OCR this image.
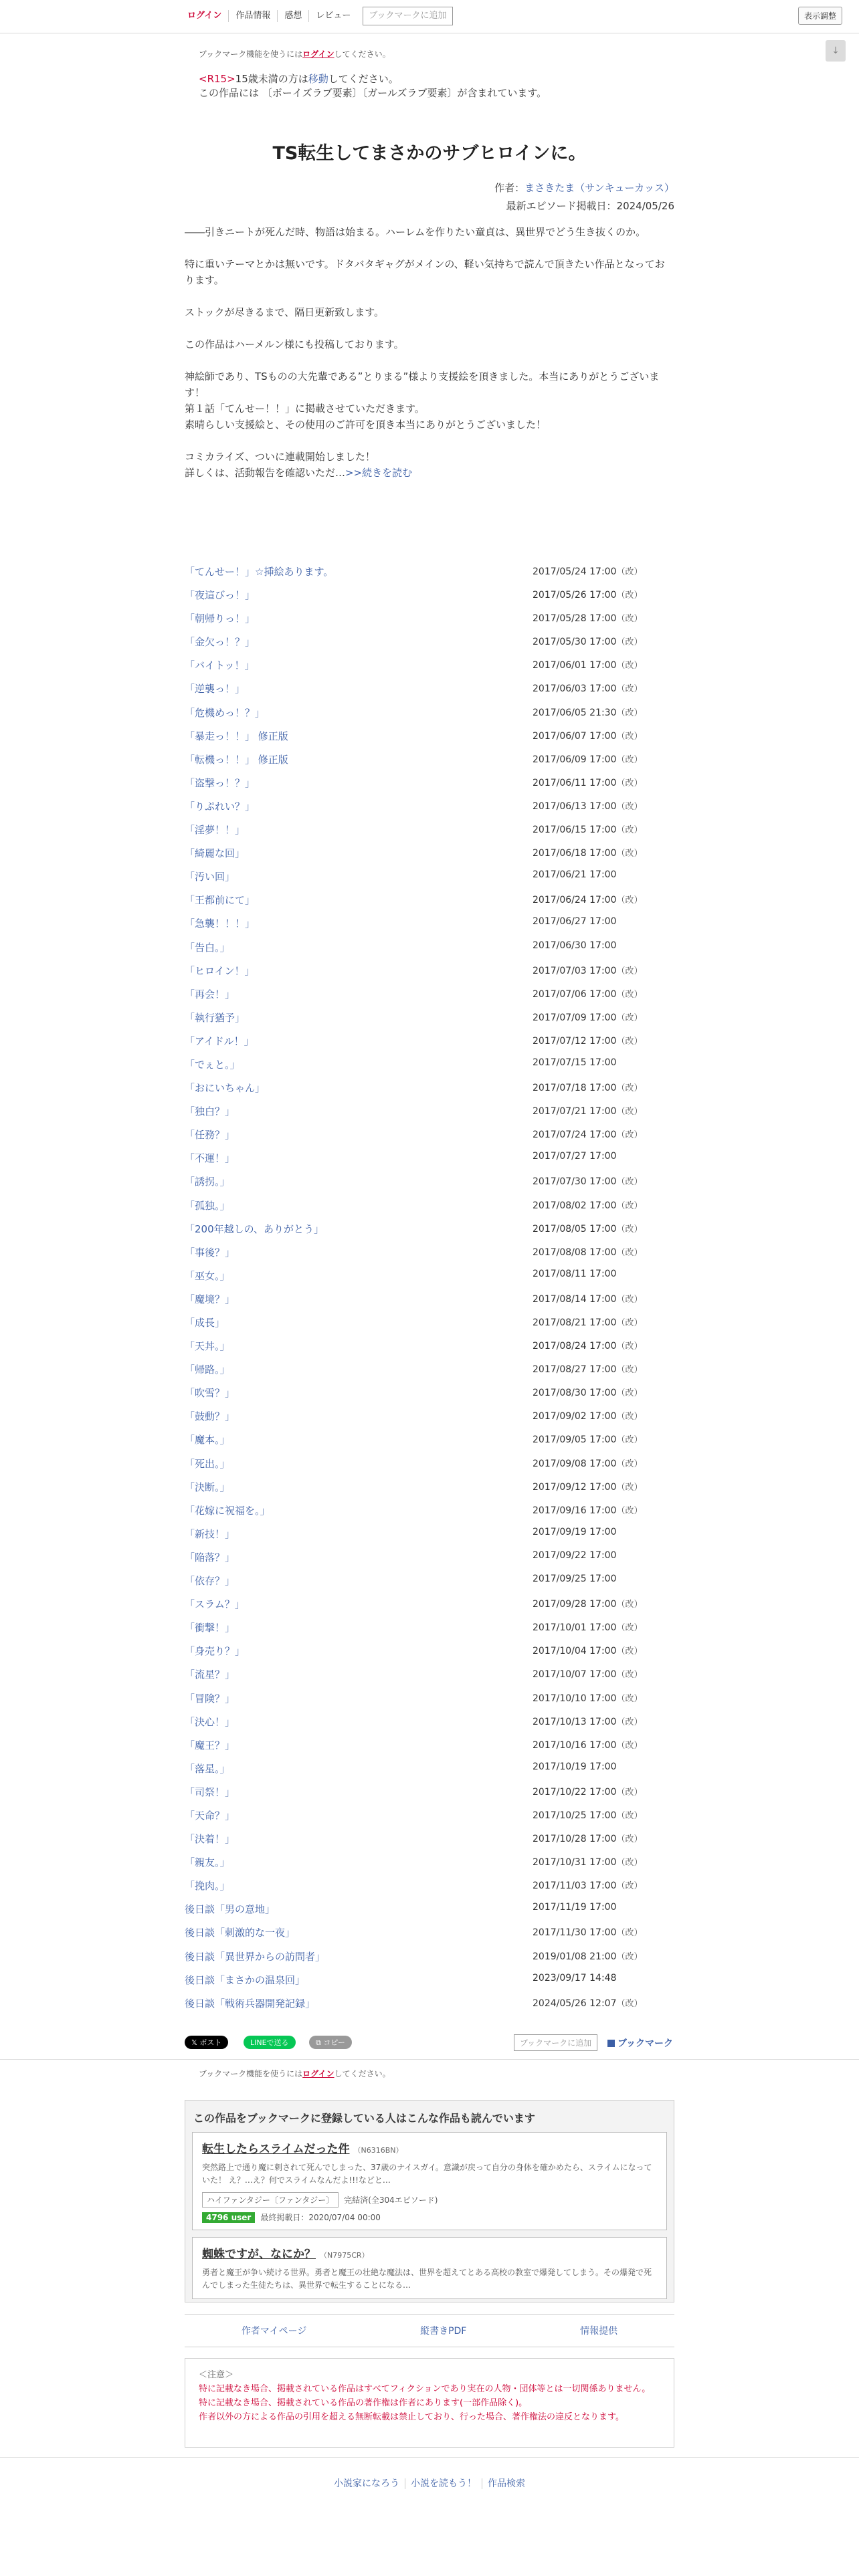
ログイン	作品情報	感想	レビュー	ブックマークに追加	表示調整
↓
ブックマーク機能を使うにはログインしてください。
<R15>15歳未満の方は移動してください。
この作品には 〔ボーイズラブ要素〕〔ガールズラブ要素〕が含まれています。
TS転生してまさかのサブヒロインに。
作者：まさきたま（サンキューカッス）
最新エピソード掲載日：2024/05/26

――引きニートが死んだ時、物語は始まる。ハーレムを作りたい童貞は、異世界でどう生き抜くのか。

特に重いテーマとかは無いです。ドタバタギャグがメインの、軽い気持ちで読んで頂きたい作品となっております。

ストックが尽きるまで、隔日更新致します。

この作品はハーメルン様にも投稿しております。

神絵師であり、TSものの大先輩である”とりまる”様より支援絵を頂きました。本当にありがとうございます！

第１話「てんせー！！」に掲載させていただきます。

素晴らしい支援絵と、その使用のご許可を頂き本当にありがとうございました！

コミカライズ、ついに連載開始しました！

詳しくは、活動報告を確認いただ…>>続きを読む

「てんせー！」☆挿絵あります。	2017/05/24 17:00（改）
「夜這びっ！」	2017/05/26 17:00（改）
「朝帰りっ！」	2017/05/28 17:00（改）
「金欠っ！？」	2017/05/30 17:00（改）
「バイトッ！」	2017/06/01 17:00（改）
「逆襲っ！」	2017/06/03 17:00（改）
「危機めっ！？」	2017/06/05 21:30（改）
「暴走っ！！」 修正版	2017/06/07 17:00（改）
「転機っ！！」 修正版	2017/06/09 17:00（改）
「盗撃っ！？」	2017/06/11 17:00（改）
「りぷれい？」	2017/06/13 17:00（改）
「淫夢！！」	2017/06/15 17:00（改）
「綺麗な回」	2017/06/18 17:00（改）
「汚い回」	2017/06/21 17:00
「王都前にて」	2017/06/24 17:00（改）
「急襲！！！」	2017/06/27 17:00
「告白。」	2017/06/30 17:00
「ヒロイン！」	2017/07/03 17:00（改）
「再会！」	2017/07/06 17:00（改）
「執行猶予」	2017/07/09 17:00（改）
「アイドル！」	2017/07/12 17:00（改）
「でぇと。」	2017/07/15 17:00
「おにいちゃん」	2017/07/18 17:00（改）
「独白？」	2017/07/21 17:00（改）
「任務？」	2017/07/24 17:00（改）
「不運！」	2017/07/27 17:00
「誘拐。」	2017/07/30 17:00（改）
「孤独。」	2017/08/02 17:00（改）
「200年越しの、ありがとう」	2017/08/05 17:00（改）
「事後？」	2017/08/08 17:00（改）
「巫女。」	2017/08/11 17:00
「魔境？」	2017/08/14 17:00（改）
「成長」	2017/08/21 17:00（改）
「天丼。」	2017/08/24 17:00（改）
「帰路。」	2017/08/27 17:00（改）
「吹雪？」	2017/08/30 17:00（改）
「鼓動？」	2017/09/02 17:00（改）
「魔本。」	2017/09/05 17:00（改）
「死出。」	2017/09/08 17:00（改）
「決断。」	2017/09/12 17:00（改）
「花嫁に祝福を。」	2017/09/16 17:00（改）
「新技！」	2017/09/19 17:00
「陥落？」	2017/09/22 17:00
「依存？」	2017/09/25 17:00
「スラム？」	2017/09/28 17:00（改）
「衝撃！」	2017/10/01 17:00（改）
「身売り？」	2017/10/04 17:00（改）
「流星？」	2017/10/07 17:00（改）
「冒険？」	2017/10/10 17:00（改）
「決心！」	2017/10/13 17:00（改）
「魔王？」	2017/10/16 17:00（改）
「落星。」	2017/10/19 17:00
「司祭！」	2017/10/22 17:00（改）
「天命？」	2017/10/25 17:00（改）
「決着！」	2017/10/28 17:00（改）
「親友。」	2017/10/31 17:00（改）
「挽肉。」	2017/11/03 17:00（改）
後日談「男の意地」	2017/11/19 17:00
後日談「刺激的な一夜」	2017/11/30 17:00（改）
後日談「異世界からの訪問者」	2019/01/08 21:00（改）
後日談「まさかの温泉回」	2023/09/17 14:48
後日談「戦術兵器開発記録」	2024/05/26 12:07（改）
𝕏 ポスト	LINEで送る	⧉ コピー	ブックマークに追加	ブックマーク
ブックマーク機能を使うにはログインしてください。
この作品をブックマークに登録している人はこんな作品も読んでいます
転生したらスライムだった件 （N6316BN）
突然路上で通り魔に刺されて死んでしまった、37歳のナイスガイ。意識が戻って自分の身体を確かめたら、スライムになっていた！ え？…え？何でスライムなんだよ!!!などと…
ハイファンタジー〔ファンタジー〕 完結済(全304エピソード)
4796 user 最終掲載日：2020/07/04 00:00
蜘蛛ですが、なにか？ （N7975CR）
勇者と魔王が争い続ける世界。勇者と魔王の壮絶な魔法は、世界を超えてとある高校の教室で爆発してしまう。その爆発で死んでしまった生徒たちは、異世界で転生することになる…
作者マイページ	縦書きPDF	情報提供
＜注意＞
特に記載なき場合、掲載されている作品はすべてフィクションであり実在の人物・団体等とは一切関係ありません。
特に記載なき場合、掲載されている作品の著作権は作者にあります(一部作品除く)。
作者以外の方による作品の引用を超える無断転載は禁止しており、行った場合、著作権法の違反となります。
小説家になろう 小説を読もう！ 作品検索
